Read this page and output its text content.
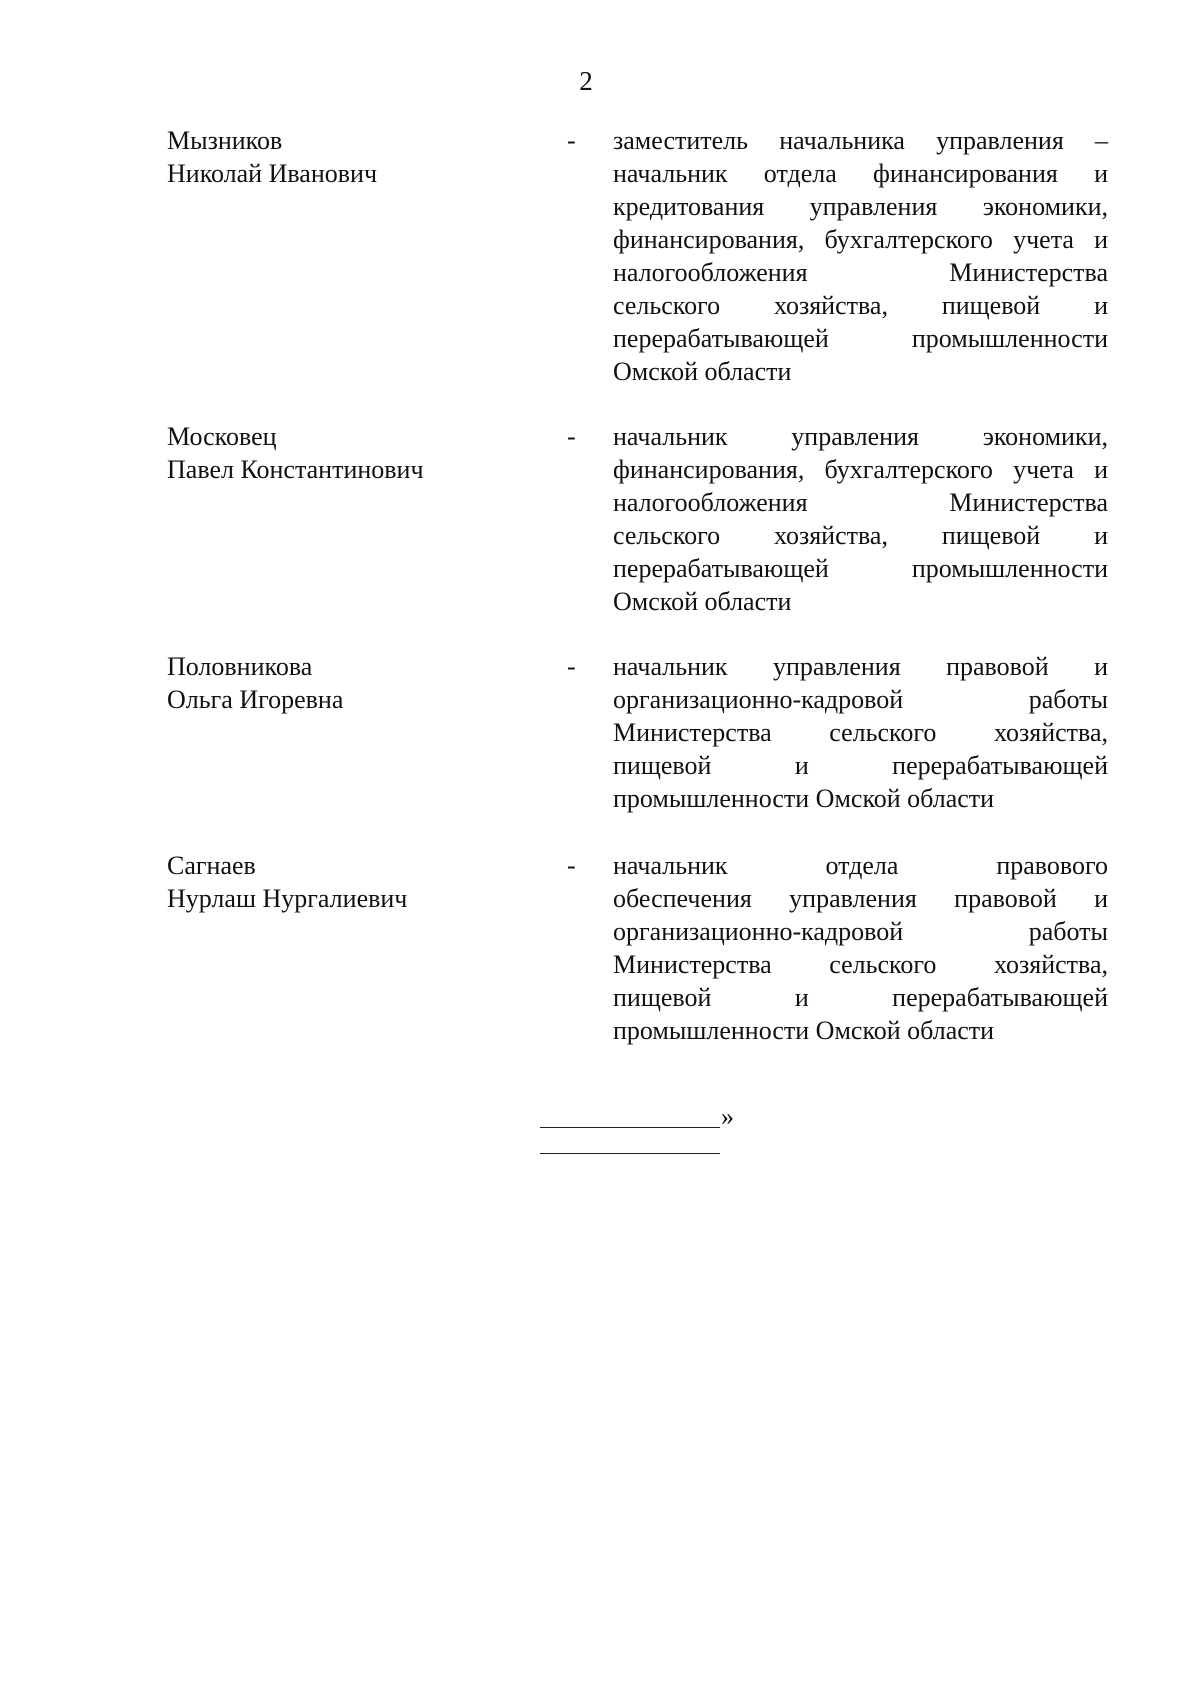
2
Мызников
Николай Иванович
- заместитель начальника управления –
начальник отдела финансирования и
кредитования управления экономики,
финансирования, бухгалтерского учета и
налогообложения Министерства
сельского хозяйства, пищевой и
перерабатывающей промышленности
Омской области
Московец
Павел Константинович
- начальник управления экономики,
финансирования, бухгалтерского учета и
налогообложения Министерства
сельского хозяйства, пищевой и
перерабатывающей промышленности
Омской области
Половникова
Ольга Игоревна
- начальник управления правовой и
организационно-кадровой работы
Министерства сельского хозяйства,
пищевой и перерабатывающей
промышленности Омской области
Сагнаев
Нурлаш Нургалиевич
- начальник отдела правового
обеспечения управления правовой и
организационно-кадровой работы
Министерства сельского хозяйства,
пищевой и перерабатывающей
промышленности Омской области
»
